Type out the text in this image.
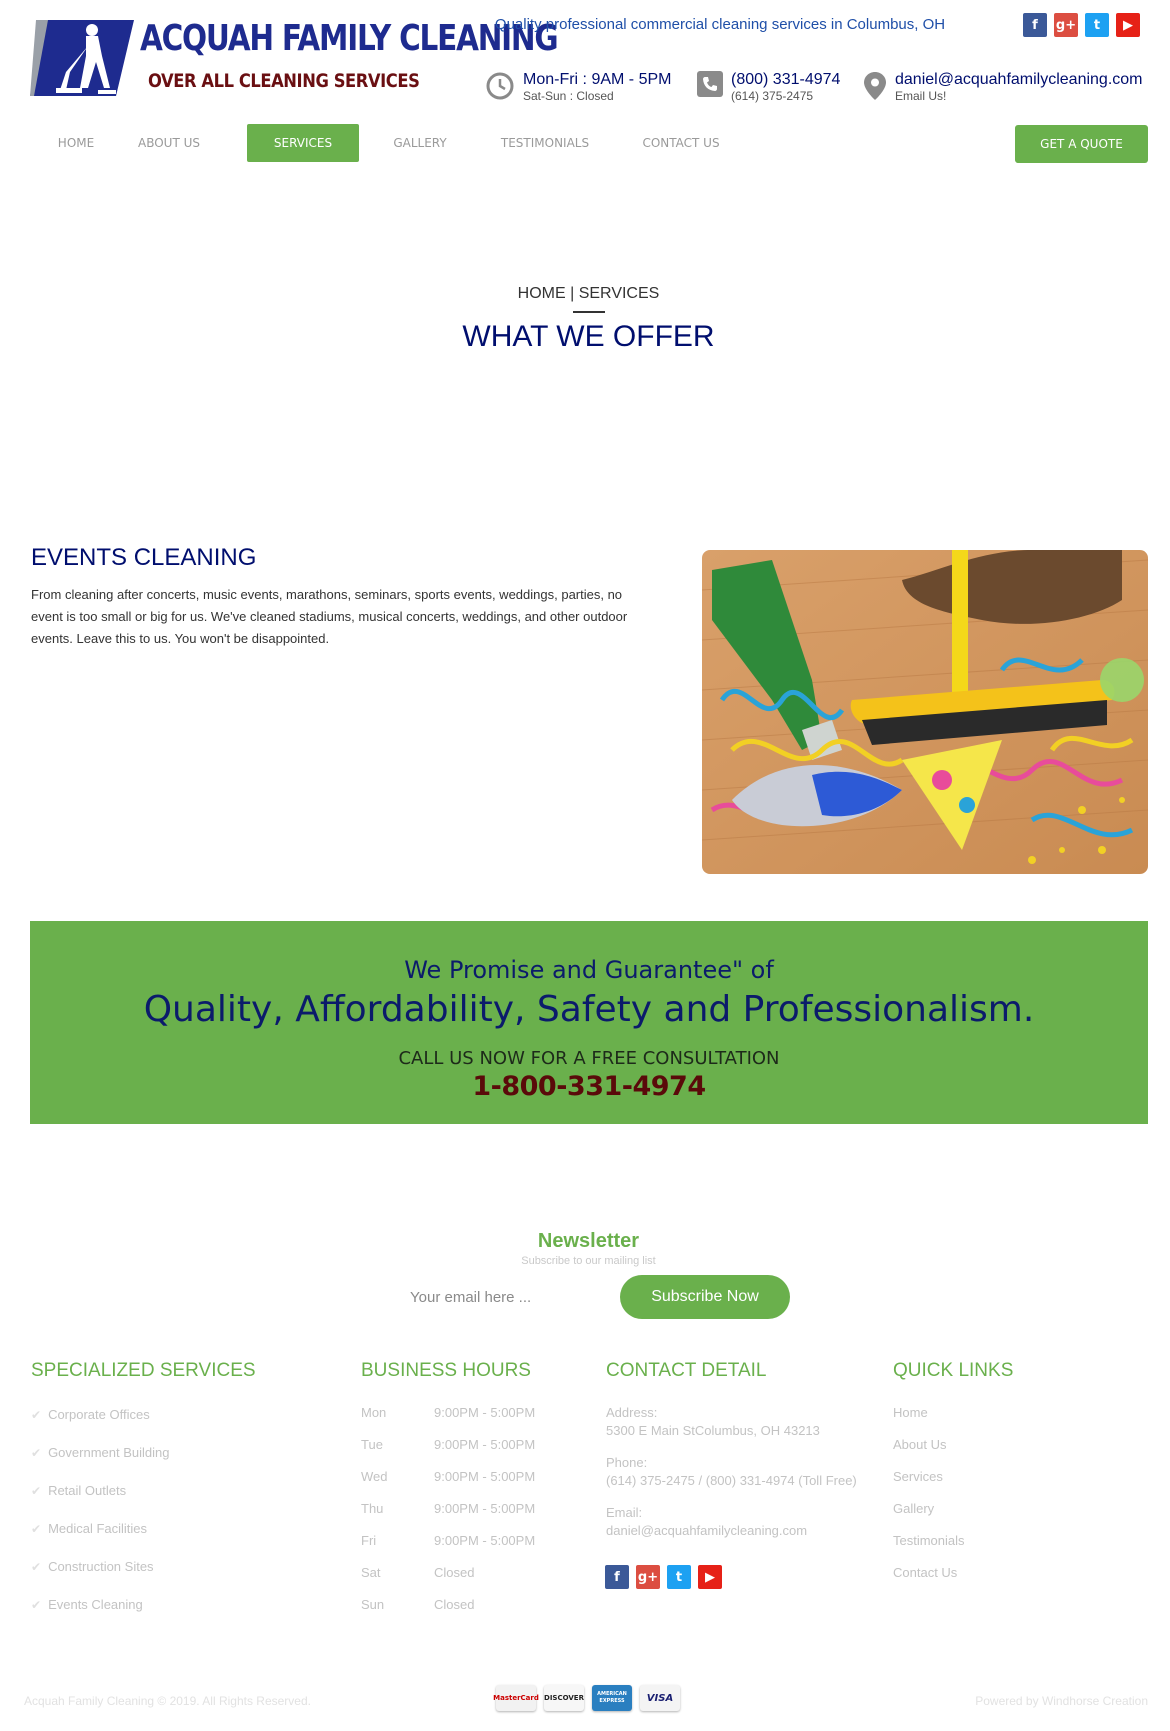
ACQUAH FAMILY CLEANING
OVER ALL CLEANING SERVICES
Quality professional commercial cleaning services in Columbus, OH	f	g+	t	▶
Mon-Fri : 9AM - 5PM
Sat-Sun : Closed
(800) 331-4974
(614) 375-2475
daniel@acquahfamilycleaning.com
Email Us!
HOME	ABOUT US	SERVICES	GALLERY	TESTIMONIALS	CONTACT US	GET A QUOTE
HOME | SERVICES
WHAT WE OFFER
EVENTS CLEANING
From cleaning after concerts, music events, marathons, seminars, sports events, weddings, parties, no event is too small or big for us. We've cleaned stadiums, musical concerts, weddings, and other outdoor events. Leave this to us. You won't be disappointed.
We Promise and Guarantee" of
Quality, Affordability, Safety and Professionalism.
CALL US NOW FOR A FREE CONSULTATION
1-800-331-4974
Newsletter
Subscribe to our mailing list
Your email here ...
Subscribe Now
SPECIALIZED SERVICES
✔ Corporate Offices
✔ Government Building
✔ Retail Outlets
✔ Medical Facilities
✔ Construction Sites
✔ Events Cleaning
BUSINESS HOURS
Mon	9:00PM - 5:00PM
Tue	9:00PM - 5:00PM
Wed	9:00PM - 5:00PM
Thu	9:00PM - 5:00PM
Fri	9:00PM - 5:00PM
Sat	Closed
Sun	Closed
CONTACT DETAIL
Address:
5300 E Main StColumbus, OH 43213
Phone:
(614) 375-2475 / (800) 331-4974 (Toll Free)
Email:
daniel@acquahfamilycleaning.com
f	g+	t	▶
QUICK LINKS
Home
About Us
Services
Gallery
Testimonials
Contact Us
Acquah Family Cleaning © 2019. All Rights Reserved.	MasterCard DISCOVER	AMERICAN EXPRESS	VISA	Powered by Windhorse Creation
